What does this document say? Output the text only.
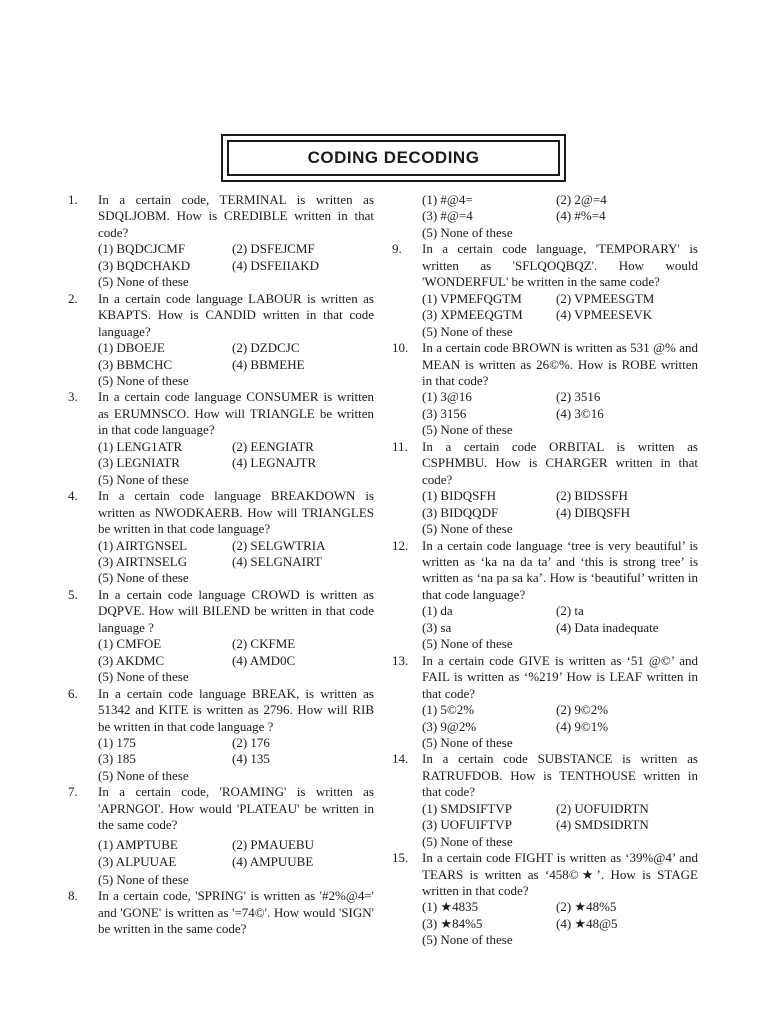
CODING DECODING
1. In a certain code, TERMINAL is written as SDQLJOBM. How is CREDIBLE written in that code?
(1) BQDCJCMF	(2) DSFEJCMF
(3) BQDCHAKD	(4) DSFEIIAKD
(5) None of these
2. In a certain code language LABOUR is written as KBAPTS. How is CANDID written in that code language?
(1) DBOEJE	(2) DZDCJC
(3) BBMCHC	(4) BBMEHE
(5) None of these
3. In a certain code language CONSUMER is written as ERUMNSCO. How will TRIANGLE be written in that code language?
(1) LENG1ATR	(2) EENGIATR
(3) LEGNIATR	(4) LEGNAJTR
(5) None of these
4. In a certain code language BREAKDOWN is written as NWODKAERB. How will TRIANGLES be written in that code language?
(1) AIRTGNSEL	(2) SELGWTRIA
(3) AIRTNSELG	(4) SELGNAIRT
(5) None of these
5. In a certain code language CROWD is written as DQPVE. How will BILEND be written in that code language ?
(1) CMFOE	(2) CKFME
(3) AKDMC	(4) AMD0C
(5) None of these
6. In a certain code language BREAK, is written as 51342 and KITE is written as 2796. How will RIB be written in that code language ?
(1) 175	(2) 176
(3) 185	(4) 135
(5) None of these
7. In a certain code, 'ROAMING' is written as 'APRNGOI'. How would 'PLATEAU' be written in the same code?
(1) AMPTUBE	(2) PMAUEBU
(3) ALPUUAE	(4) AMPUUBE
(5) None of these
8. In a certain code, 'SPRING' is written as '#2%@4=' and 'GONE' is written as '=74©'. How would 'SIGN' be written in the same code?
(1) #@4=	(2) 2@=4
(3) #@=4	(4) #%=4
(5) None of these
9. In a certain code language, 'TEMPORARY' is written as 'SFLQOQBQZ'. How would 'WONDERFUL' be written in the same code?
(1) VPMEFQGTM	(2) VPMEESGTM
(3) XPMEEQGTM	(4) VPMEESEVK
(5) None of these
10. In a certain code BROWN is written as 531 @% and MEAN is written as 26©%. How is ROBE written in that code?
(1) 3@16	(2) 3516
(3) 3156	(4) 3©16
(5) None of these
11. In a certain code ORBITAL is written as CSPHMBU. How is CHARGER written in that code?
(1) BIDQSFH	(2) BIDSSFH
(3) BIDQQDF	(4) DIBQSFH
(5) None of these
12. In a certain code language ‘tree is very beautiful’ is written as ‘ka na da ta’ and ‘this is strong tree’ is written as ‘na pa sa ka’. How is ‘beautiful’ written in that code language?
(1) da	(2) ta
(3) sa	(4) Data inadequate
(5) None of these
13. In a certain code GIVE is written as ‘51 @©’ and FAIL is written as ‘%219’ How is LEAF written in that code?
(1) 5©2%	(2) 9©2%
(3) 9@2%	(4) 9©1%
(5) None of these
14. In a certain code SUBSTANCE is written as RATRUFDOB. How is TENTHOUSE written in that code?
(1) SMDSIFTVP	(2) UOFUIDRTN
(3) UOFUIFTVP	(4) SMDSIDRTN
(5) None of these
15. In a certain code FIGHT is written as ‘39%@4’ and TEARS is written as ‘458©★’. How is STAGE written in that code?
(1) ★4835	(2) ★48%5
(3) ★84%5	(4) ★48@5
(5) None of these
